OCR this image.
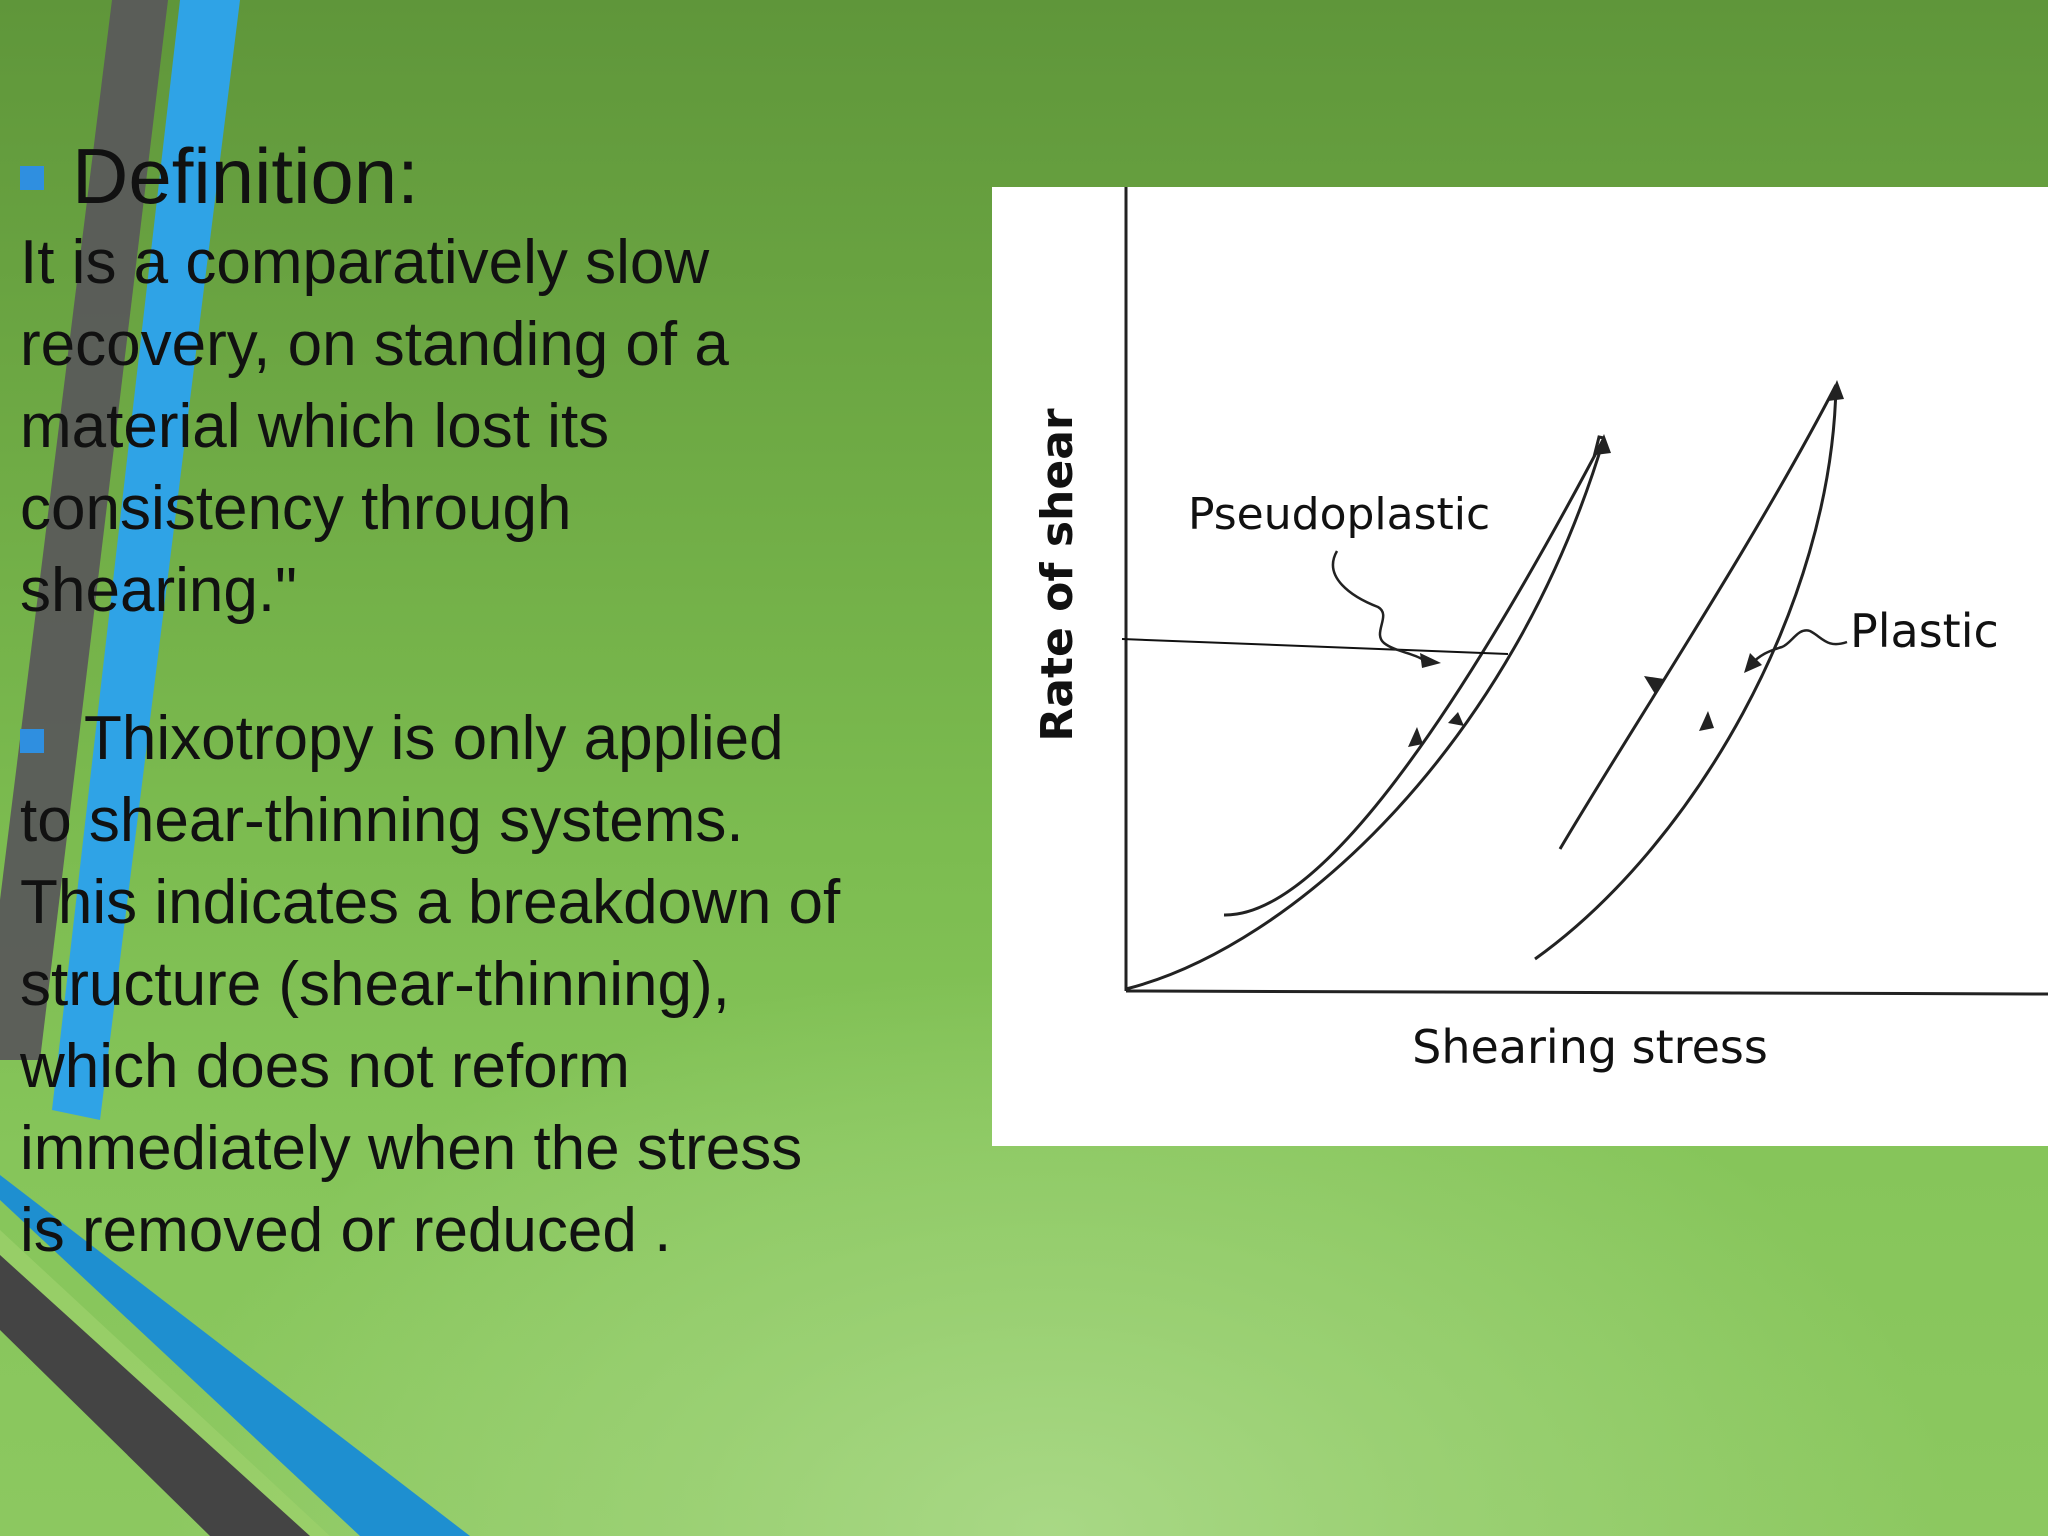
Definition:
It is a comparatively slow
recovery, on standing of a
material which lost its
consistency through
shearing."
Thixotropy is only applied
to shear-thinning systems.
This indicates a breakdown of
structure (shear-thinning),
which does not reform
immediately when the stress
is removed or reduced .
Rate of shear
Shearing stress
Pseudoplastic
Plastic
